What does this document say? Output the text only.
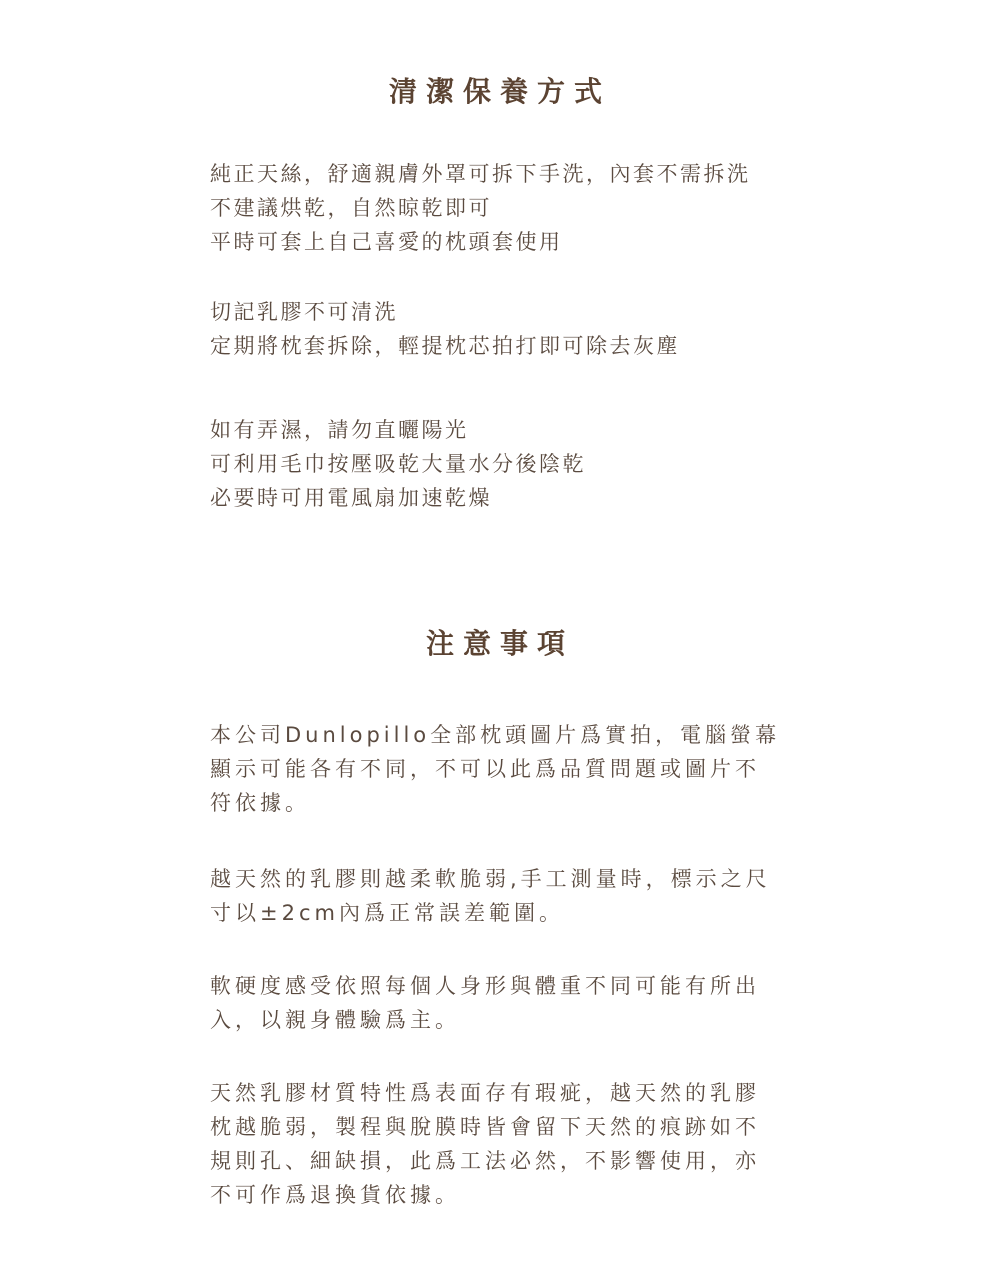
清潔保養方式
純正天絲，舒適親膚外罩可拆下手洗，內套不需拆洗
不建議烘乾，自然晾乾即可
平時可套上自己喜愛的枕頭套使用
切記乳膠不可清洗
定期將枕套拆除，輕提枕芯拍打即可除去灰塵
如有弄濕，請勿直曬陽光
可利用毛巾按壓吸乾大量水分後陰乾
必要時可用電風扇加速乾燥
注意事項
本公司Dunlopillo全部枕頭圖片爲實拍，電腦螢幕
顯示可能各有不同，不可以此爲品質問題或圖片不
符依據。
越天然的乳膠則越柔軟脆弱,手工測量時，標示之尺
寸以±2cm內爲正常誤差範圍。
軟硬度感受依照每個人身形與體重不同可能有所出
入，以親身體驗爲主。
天然乳膠材質特性爲表面存有瑕疵，越天然的乳膠
枕越脆弱，製程與脫膜時皆會留下天然的痕跡如不
規則孔、細缺損，此爲工法必然，不影響使用，亦
不可作爲退換貨依據。
